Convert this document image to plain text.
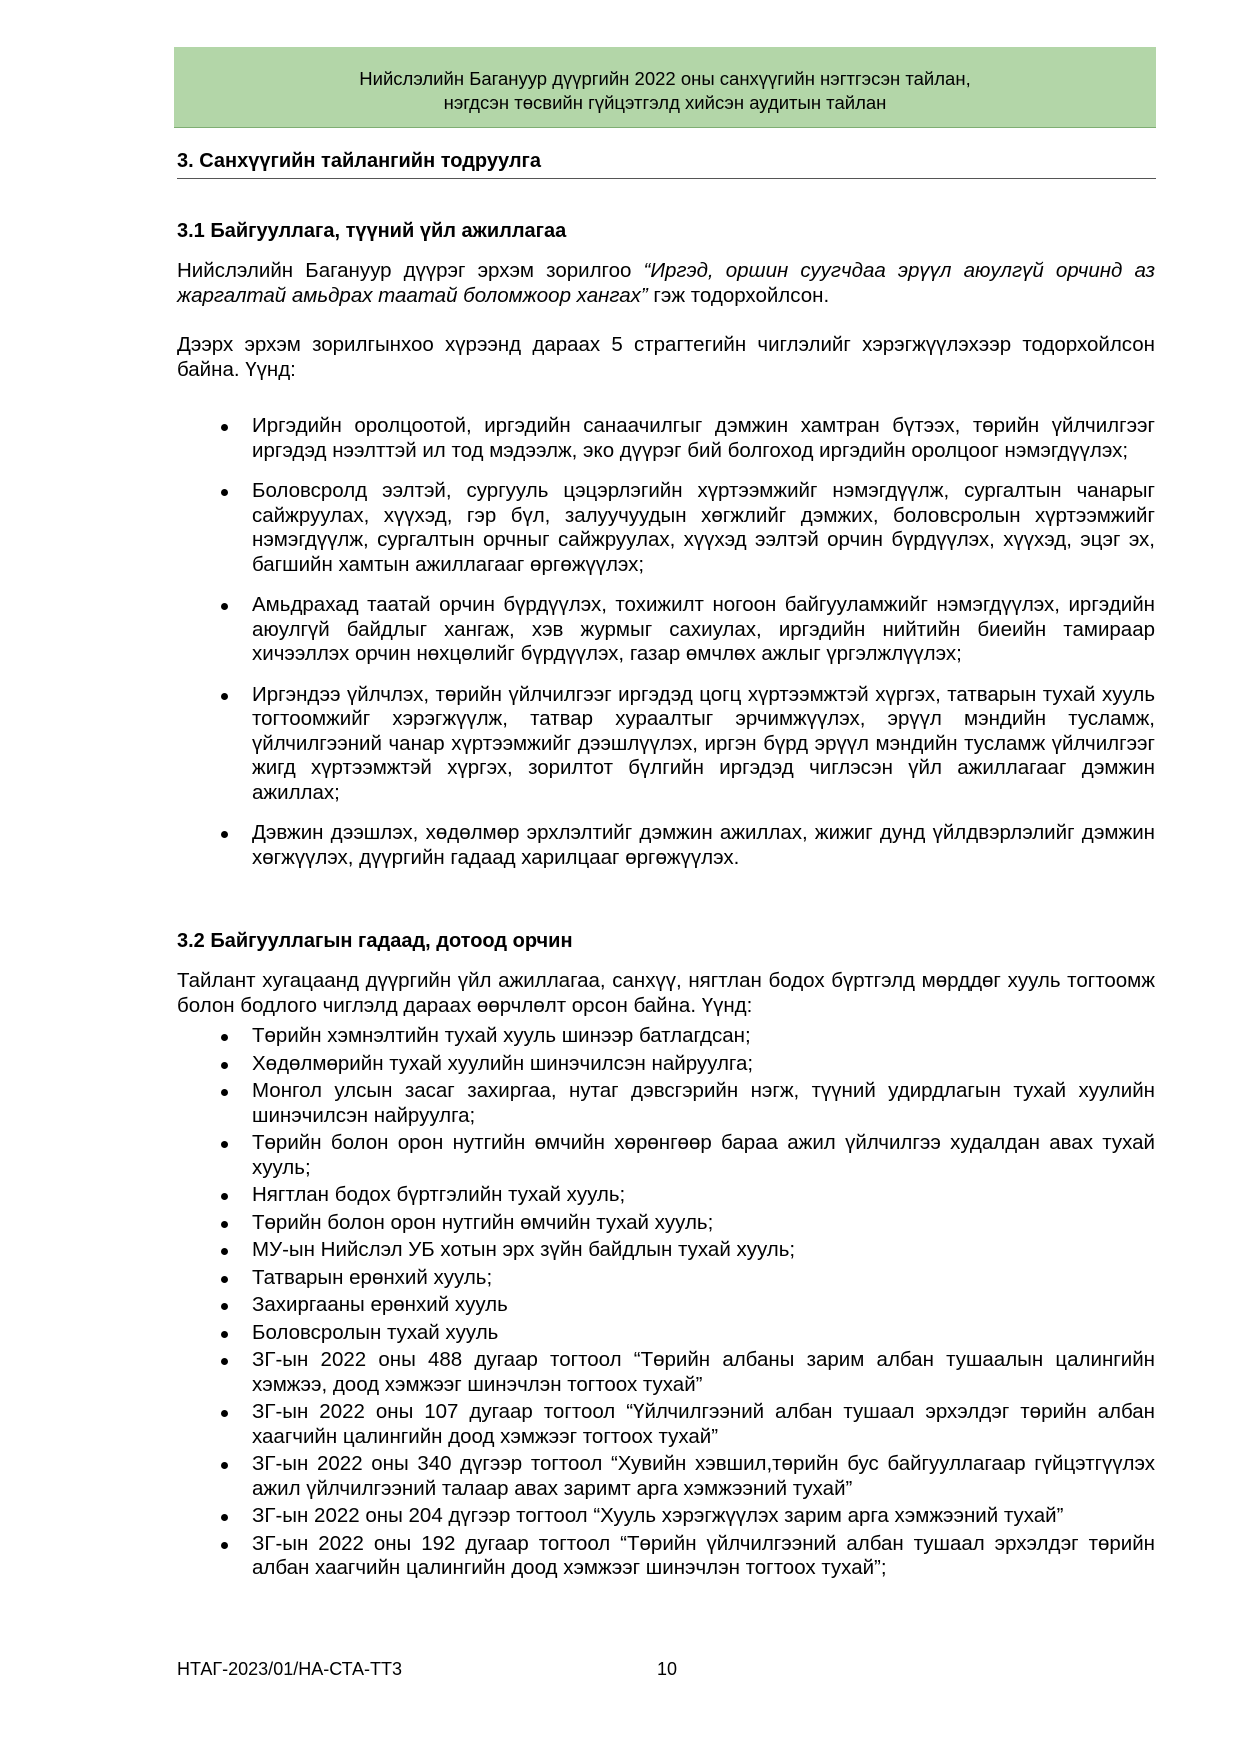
Нийслэлийн Багануур дүүргийн 2022 оны санхүүгийн нэгтгэсэн тайлан,
нэгдсэн төсвийн гүйцэтгэлд хийсэн аудитын тайлан
3. Санхүүгийн тайлангийн тодруулга
3.1 Байгууллага, түүний үйл ажиллагаа
Нийслэлийн Багануур дүүрэг эрхэм зорилгоо “Иргэд, оршин суугчдаа эрүүл аюулгүй орчинд аз жаргалтай амьдрах таатай боломжоор хангах” гэж тодорхойлсон.
Дээрх эрхэм зорилгынхоо хүрээнд дараах 5 страгтегийн чиглэлийг хэрэгжүүлэхээр тодорхойлсон байна. Үүнд:
Иргэдийн оролцоотой, иргэдийн санаачилгыг дэмжин хамтран бүтээх, төрийн үйлчилгээг иргэдэд нээлттэй ил тод мэдээлж, эко дүүрэг бий болгоход иргэдийн оролцоог нэмэгдүүлэх;
Боловсролд ээлтэй, сургууль цэцэрлэгийн хүртээмжийг нэмэгдүүлж, сургалтын чанарыг сайжруулах, хүүхэд, гэр бүл, залуучуудын хөгжлийг дэмжих, боловсролын хүртээмжийг нэмэгдүүлж, сургалтын орчныг сайжруулах, хүүхэд ээлтэй орчин бүрдүүлэх, хүүхэд, эцэг эх, багшийн хамтын ажиллагааг өргөжүүлэх;
Амьдрахад таатай орчин бүрдүүлэх, тохижилт ногоон байгууламжийг нэмэгдүүлэх, иргэдийн аюулгүй байдлыг хангаж, хэв журмыг сахиулах, иргэдийн нийтийн биеийн тамираар хичээллэх орчин нөхцөлийг бүрдүүлэх, газар өмчлөх ажлыг үргэлжлүүлэх;
Иргэндээ үйлчлэх, төрийн үйлчилгээг иргэдэд цогц хүртээмжтэй хүргэх, татварын тухай хууль тогтоомжийг хэрэгжүүлж, татвар хураалтыг эрчимжүүлэх, эрүүл мэндийн тусламж, үйлчилгээний чанар хүртээмжийг дээшлүүлэх, иргэн бүрд эрүүл мэндийн тусламж үйлчилгээг жигд хүртээмжтэй хүргэх, зорилтот бүлгийн иргэдэд чиглэсэн үйл ажиллагааг дэмжин ажиллах;
Дэвжин дээшлэх, хөдөлмөр эрхлэлтийг дэмжин ажиллах, жижиг дунд үйлдвэрлэлийг дэмжин хөгжүүлэх, дүүргийн гадаад харилцааг өргөжүүлэх.
3.2 Байгууллагын гадаад, дотоод орчин
Тайлант хугацаанд дүүргийн үйл ажиллагаа, санхүү, нягтлан бодох бүртгэлд мөрддөг хууль тогтоомж болон бодлого чиглэлд дараах өөрчлөлт орсон байна. Үүнд:
Төрийн хэмнэлтийн тухай хууль шинээр батлагдсан;
Хөдөлмөрийн тухай хуулийн шинэчилсэн найруулга;
Монгол улсын засаг захиргаа, нутаг дэвсгэрийн нэгж, түүний удирдлагын тухай хуулийн шинэчилсэн найруулга;
Төрийн болон орон нутгийн өмчийн хөрөнгөөр бараа ажил үйлчилгээ худалдан авах тухай хууль;
Нягтлан бодох бүртгэлийн тухай хууль;
Төрийн болон орон нутгийн өмчийн тухай хууль;
МУ-ын Нийслэл УБ хотын эрх зүйн байдлын тухай хууль;
Татварын ерөнхий хууль;
Захиргааны ерөнхий хууль
Боловсролын тухай хууль
ЗГ-ын 2022 оны 488 дугаар тогтоол “Төрийн албаны зарим албан тушаалын цалингийн хэмжээ, доод хэмжээг шинэчлэн тогтоох тухай”
ЗГ-ын 2022 оны 107 дугаар тогтоол “Үйлчилгээний албан тушаал эрхэлдэг төрийн албан хаагчийн цалингийн доод хэмжээг тогтоох тухай”
ЗГ-ын 2022 оны 340 дүгээр тогтоол “Хувийн хэвшил,төрийн бус байгууллагаар гүйцэтгүүлэх ажил үйлчилгээний талаар авах заримт арга хэмжээний тухай”
ЗГ-ын 2022 оны 204 дүгээр тогтоол “Хууль хэрэгжүүлэх зарим арга хэмжээний тухай”
ЗГ-ын 2022 оны 192 дугаар тогтоол “Төрийн үйлчилгээний албан тушаал эрхэлдэг төрийн албан хаагчийн цалингийн доод хэмжээг шинэчлэн тогтоох тухай”;
НТАГ-2023/01/НА-СТА-ТТ3	10
